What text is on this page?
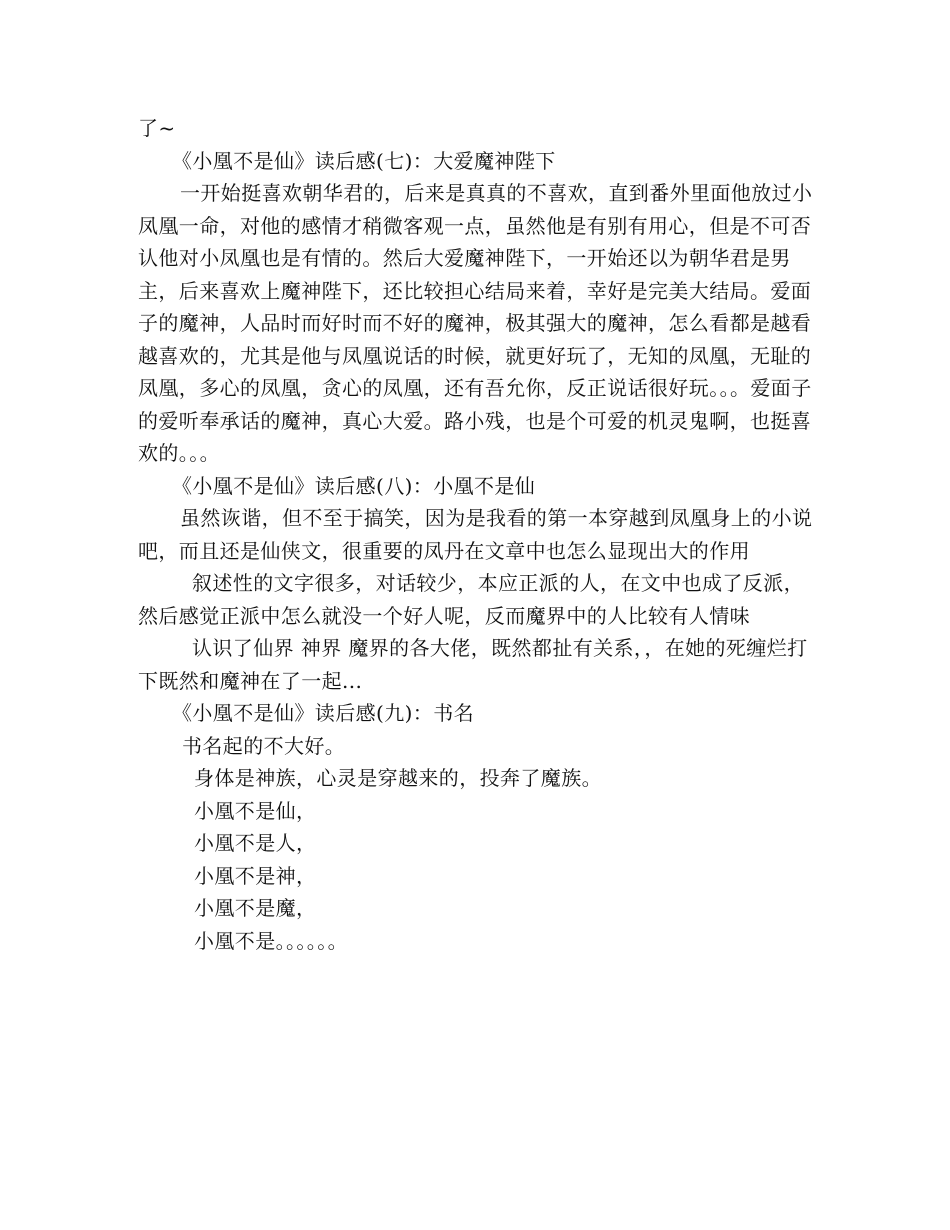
了~

《小凰不是仙》读后感(七)：大爱魔神陛下

一开始挺喜欢朝华君的，后来是真真的不喜欢，直到番外里面他放过小凤凰一命，对他的感情才稍微客观一点，虽然他是有别有用心，但是不可否认他对小凤凰也是有情的。然后大爱魔神陛下，一开始还以为朝华君是男主，后来喜欢上魔神陛下，还比较担心结局来着，幸好是完美大结局。爱面子的魔神，人品时而好时而不好的魔神，极其强大的魔神，怎么看都是越看越喜欢的，尤其是他与凤凰说话的时候，就更好玩了，无知的凤凰，无耻的凤凰，多心的凤凰，贪心的凤凰，还有吾允你，反正说话很好玩。。。爱面子的爱听奉承话的魔神，真心大爱。路小残，也是个可爱的机灵鬼啊，也挺喜欢的。。。

《小凰不是仙》读后感(八)：小凰不是仙

虽然诙谐，但不至于搞笑，因为是我看的第一本穿越到凤凰身上的小说吧，而且还是仙侠文，很重要的凤丹在文章中也怎么显现出大的作用

叙述性的文字很多，对话较少，本应正派的人，在文中也成了反派，然后感觉正派中怎么就没一个好人呢，反而魔界中的人比较有人情味

认识了仙界 神界 魔界的各大佬，既然都扯有关系，，在她的死缠烂打下既然和魔神在了一起...

《小凰不是仙》读后感(九)：书名

书名起的不大好。

身体是神族，心灵是穿越来的，投奔了魔族。

小凰不是仙，

小凰不是人，

小凰不是神，

小凰不是魔，

小凰不是。。。。。。
